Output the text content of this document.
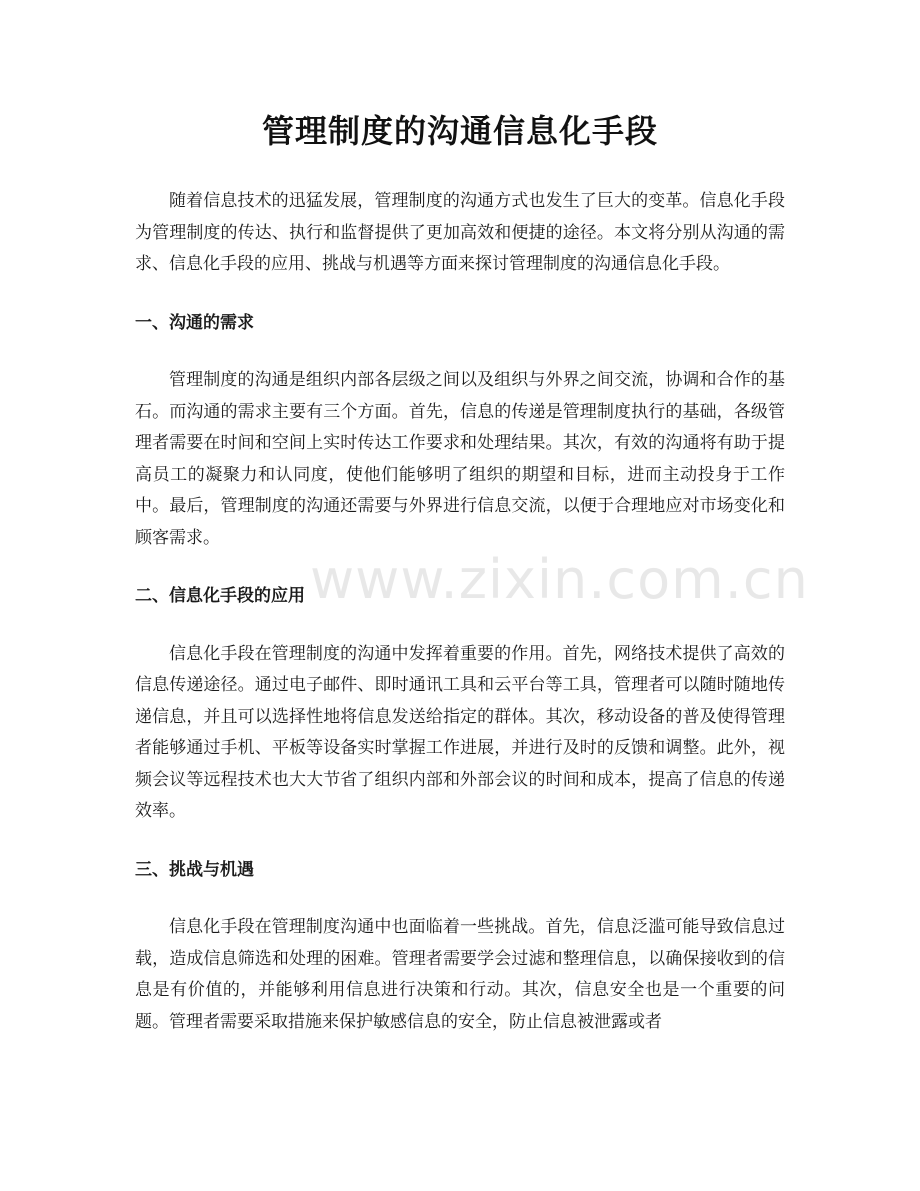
管理制度的沟通信息化手段

随着信息技术的迅猛发展，管理制度的沟通方式也发生了巨大的变革。信息化手段为管理制度的传达、执行和监督提供了更加高效和便捷的途径。本文将分别从沟通的需求、信息化手段的应用、挑战与机遇等方面来探讨管理制度的沟通信息化手段。

一、沟通的需求

管理制度的沟通是组织内部各层级之间以及组织与外界之间交流，协调和合作的基石。而沟通的需求主要有三个方面。首先，信息的传递是管理制度执行的基础，各级管理者需要在时间和空间上实时传达工作要求和处理结果。其次，有效的沟通将有助于提高员工的凝聚力和认同度，使他们能够明了组织的期望和目标，进而主动投身于工作中。最后，管理制度的沟通还需要与外界进行信息交流，以便于合理地应对市场变化和顾客需求。

二、信息化手段的应用

信息化手段在管理制度的沟通中发挥着重要的作用。首先，网络技术提供了高效的信息传递途径。通过电子邮件、即时通讯工具和云平台等工具，管理者可以随时随地传递信息，并且可以选择性地将信息发送给指定的群体。其次，移动设备的普及使得管理者能够通过手机、平板等设备实时掌握工作进展，并进行及时的反馈和调整。此外，视频会议等远程技术也大大节省了组织内部和外部会议的时间和成本，提高了信息的传递效率。

三、挑战与机遇

信息化手段在管理制度沟通中也面临着一些挑战。首先，信息泛滥可能导致信息过载，造成信息筛选和处理的困难。管理者需要学会过滤和整理信息，以确保接收到的信息是有价值的，并能够利用信息进行决策和行动。其次，信息安全也是一个重要的问题。管理者需要采取措施来保护敏感信息的安全，防止信息被泄露或者

www.zixin.com.cn
